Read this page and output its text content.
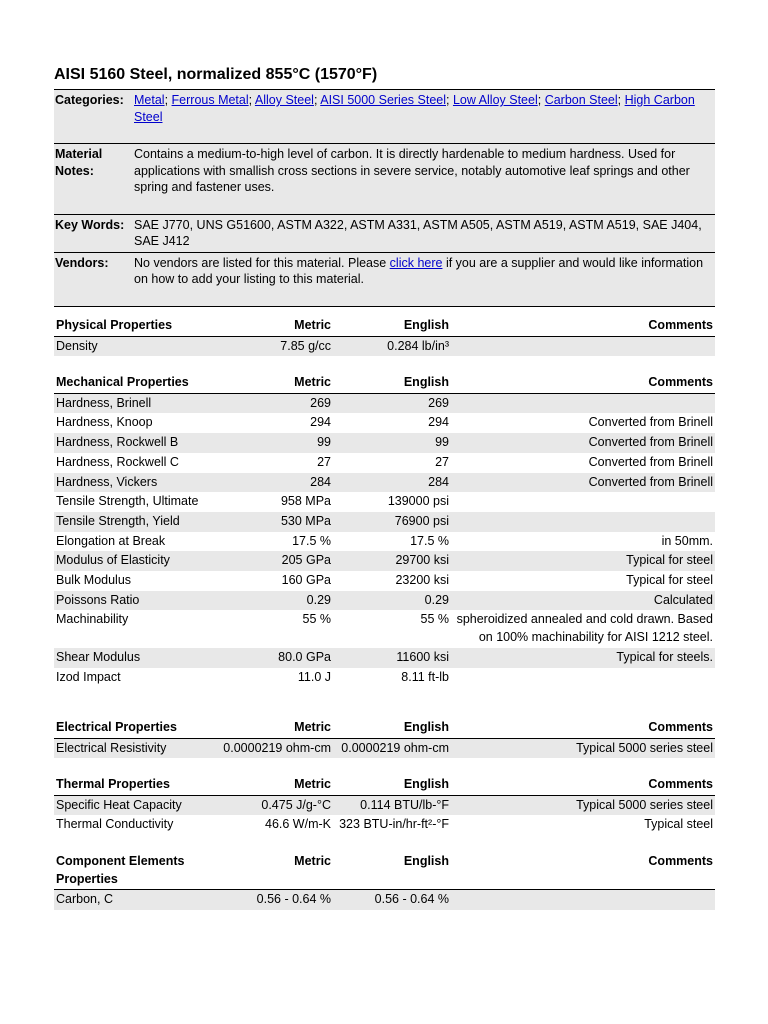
AISI 5160 Steel, normalized 855°C (1570°F)
Categories:	Metal; Ferrous Metal; Alloy Steel; AISI 5000 Series Steel; Low Alloy Steel; Carbon Steel; High Carbon Steel

Material Notes:	Contains a medium-to-high level of carbon. It is directly hardenable to medium hardness. Used for applications with smallish cross sections in severe service, notably automotive leaf springs and other spring and fastener uses.

Key Words:	SAE J770, UNS G51600, ASTM A322, ASTM A331, ASTM A505, ASTM A519, ASTM A519, SAE J404, SAE J412
Vendors:	No vendors are listed for this material. Please click here if you are a supplier and would like information on how to add your listing to this material.

Physical Properties	Metric	English	Comments
Density	7.85 g/cc	0.284 lb/in³	
Mechanical Properties	Metric	English	Comments
Hardness, Brinell	269	269	
Hardness, Knoop	294	294	Converted from Brinell
Hardness, Rockwell B	99	99	Converted from Brinell
Hardness, Rockwell C	27	27	Converted from Brinell
Hardness, Vickers	284	284	Converted from Brinell
Tensile Strength, Ultimate	958 MPa	139000 psi	
Tensile Strength, Yield	530 MPa	76900 psi	
Elongation at Break	17.5 %	17.5 %	in 50mm.
Modulus of Elasticity	205 GPa	29700 ksi	Typical for steel
Bulk Modulus	160 GPa	23200 ksi	Typical for steel
Poissons Ratio	0.29	0.29	Calculated
Machinability	55 %	55 %	spheroidized annealed and cold drawn. Based on 100% machinability for AISI 1212 steel.
Shear Modulus	80.0 GPa	11600 ksi	Typical for steels.
Izod Impact	11.0 J	8.11 ft-lb	
Electrical Properties	Metric	English	Comments
Electrical Resistivity	0.0000219 ohm-cm	0.0000219 ohm-cm	Typical 5000 series steel
Thermal Properties	Metric	English	Comments
Specific Heat Capacity	0.475 J/g-°C	0.114 BTU/lb-°F	Typical 5000 series steel
Thermal Conductivity	46.6 W/m-K	323 BTU-in/hr-ft²-°F	Typical steel
Component Elements Properties	Metric	English	Comments
Carbon, C	0.56 - 0.64 %	0.56 - 0.64 %	
